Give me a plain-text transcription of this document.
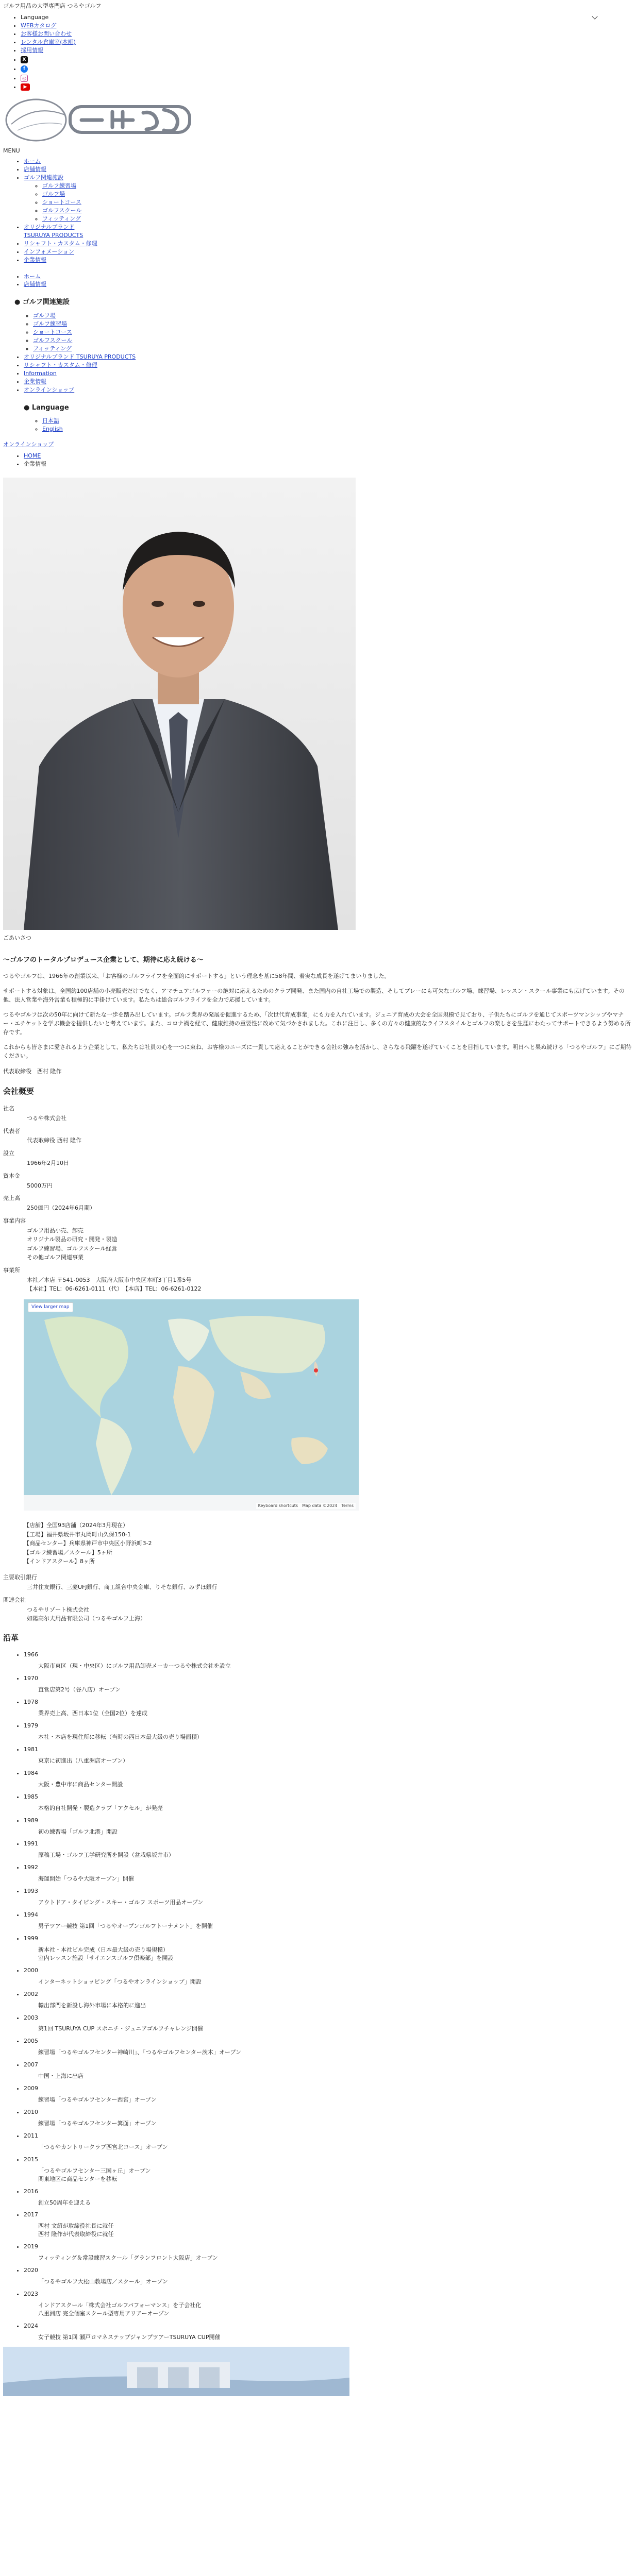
ゴルフ用品の大型専門店 つるやゴルフ
• Language
• WEBカタログ
• お客様お問い合わせ
• レンタル倉庫室(本町)
• 採用情報
• X
• f
• ◎
• ▶
MENU
• ホーム
• 店舗情報
• ゴルフ関連施設
◦ ゴルフ練習場
◦ ゴルフ場
◦ ショートコース
◦ ゴルフスクール
◦ フィッティング
• オリジナルブランド
TSURUYA PRODUCTS
• リシャフト・カスタム・修理
• インフォメーション
• 企業情報
• ホーム
• 店舗情報
● ゴルフ関連施設
◦ ゴルフ場
◦ ゴルフ練習場
◦ ショートコース
◦ ゴルフスクール
◦ フィッティング
• オリジナルブランド TSURUYA PRODUCTS
• リシャフト・カスタム・修理
• Information
• 企業情報
• オンラインショップ
● Language
◦ 日本語
◦ English
オンラインショップ
• HOME
• 企業情報
ごあいさつ
～ゴルフのトータルプロデュース企業として、期待に応え続ける～

つるやゴルフは、1966年の創業以来、「お客様のゴルフライフを全面的にサポートする」という理念を基に58年間、着実な成長を遂げてまいりました。

サポートする対象は、全国約100店舗の小売販売だけでなく、アマチュアゴルファーの絶対に応えるためのクラブ開発、また国内の自社工場での製造、そしてプレーにも可欠なゴルフ場、練習場、レッスン・スクール事業にも広げています。その他、法人営業や海外営業も積極的に手掛けています。私たちは総合ゴルフライフを全力で応援しています。

つるやゴルフは次の50年に向けて新たな一歩を踏み出しています。ゴルフ業界の発展を促進するため、「次世代育成事業」にも力を入れています。ジュニア育成の大会を全国規模で見ており、子供たちにゴルフを通じてスポーツマンシップやマナー・エチケットを学ぶ機会を提供したいと考えています。また、コロナ禍を経て、健康維持の重要性に改めて気づかされました。これに注目し、多くの方々の健康的なライフスタイルとゴルフの楽しさを生涯にわたってサポートできるよう努める所存です。

これからも皆さまに愛されるよう企業として、私たちは社員の心を一つに束ね、お客様のニーズに一貫して応えることができる会社の強みを活かし、さらなる飛躍を遂げていくことを目指しています。明日へと果ぬ続ける「つるやゴルフ」にご期待ください。

代表取締役　西村 隆作
会社概要
社名
つるや株式会社
代表者
代表取締役 西村 隆作
設立
1966年2月10日
資本金
5000万円
売上高
250億円（2024年6月期）
事業内容
ゴルフ用品小売、卸売
オリジナル製品の研究・開発・製造
ゴルフ練習場、ゴルフスクール経営
その他ゴルフ関連事業
事業所
本社／本店 〒541-0053　大阪府大阪市中央区本町3丁目1番5号
【本社】TEL：06-6261-0111（代）　【本店】TEL：06-6261-0122
View larger map
Keyboard shortcuts　Map data ©2024　Terms
【店舗】全国93店舗（2024年3月現在）
【工場】福井県坂井市丸岡町山久保150-1
【商品センター】兵庫県神戸市中央区小野浜町3-2
【ゴルフ練習場／スクール】5ヶ所
【インドアスクール】8ヶ所
主要取引銀行
三井住友銀行、三菱UFJ銀行、商工組合中央金庫、りそな銀行、みずほ銀行
関連会社
つるやリゾート株式会社
如陽高尔夫用品有限公司（つるやゴルフ上海）
沿革
• 1966
大阪市東区（現・中央区）にゴルフ用品卸売メーカーつるや株式会社を設立
• 1970
直営店第2号（谷八店）オープン
• 1978
業界売上高、西日本1位（全国2位）を達成
• 1979
本社・本店を現住所に移転（当時の西日本最大級の売り場面積）
• 1981
東京に初進出（八重洲店オープン）
• 1984
大阪・豊中市に商品センター開設
• 1985
本格的自社開発・製造クラブ「アクセル」が発売
• 1989
初の練習場「ゴルフ北港」開設
• 1991
原稿工場・ゴルフ工学研究所を開設（盆栽県坂井市）
• 1992
海運開始「つるや大阪オープン」開催
• 1993
アウトドア・タイピング・スキー・ゴルフ スポーツ用品オープン
• 1994
男子ツアー競技 第1回「つるやオープンゴルフトーナメント」を開催
• 1999
新本社・本社ビル完成（日本最大級の売り場規模）
室内レッスン施設「サイエンスゴルフ倶楽部」を開設
• 2000
インターネットショッピング「つるやオンラインショップ」開設
• 2002
輸出部門を新設し海外市場に本格的に進出
• 2003
第1回 TSURUYA CUP スポニチ・ジュニアゴルフチャレンジ開催
• 2005
練習場「つるやゴルフセンター神崎川」、「つるやゴルフセンター茨木」オープン
• 2007
中国・上海に出店
• 2009
練習場「つるやゴルフセンター西宮」オープン
• 2010
練習場「つるやゴルフセンター箕面」オープン
• 2011
「つるやカントリークラブ西宮北コース」オープン
• 2015
「つるやゴルフセンター三国ヶ丘」オープン
関東地区に商品センターを移転
• 2016
創立50周年を迎える
• 2017
西村 文紹が取締役社長に就任
西村 隆作が代表取締役に就任
• 2019
フィッティング＆常設練習スクール「グランフロント大阪店」オープン
• 2020
「つるやゴルフ大松山教場店／スクール」オープン
• 2023
インドアスクール「株式会社ゴルフパフォーマンス」を子会社化
八重洲店 完全個室スクール型専用アリアーオープン
• 2024
女子競技 第1回 瀬戸ロマネステップジャンプツアーTSURUYA CUP開催
